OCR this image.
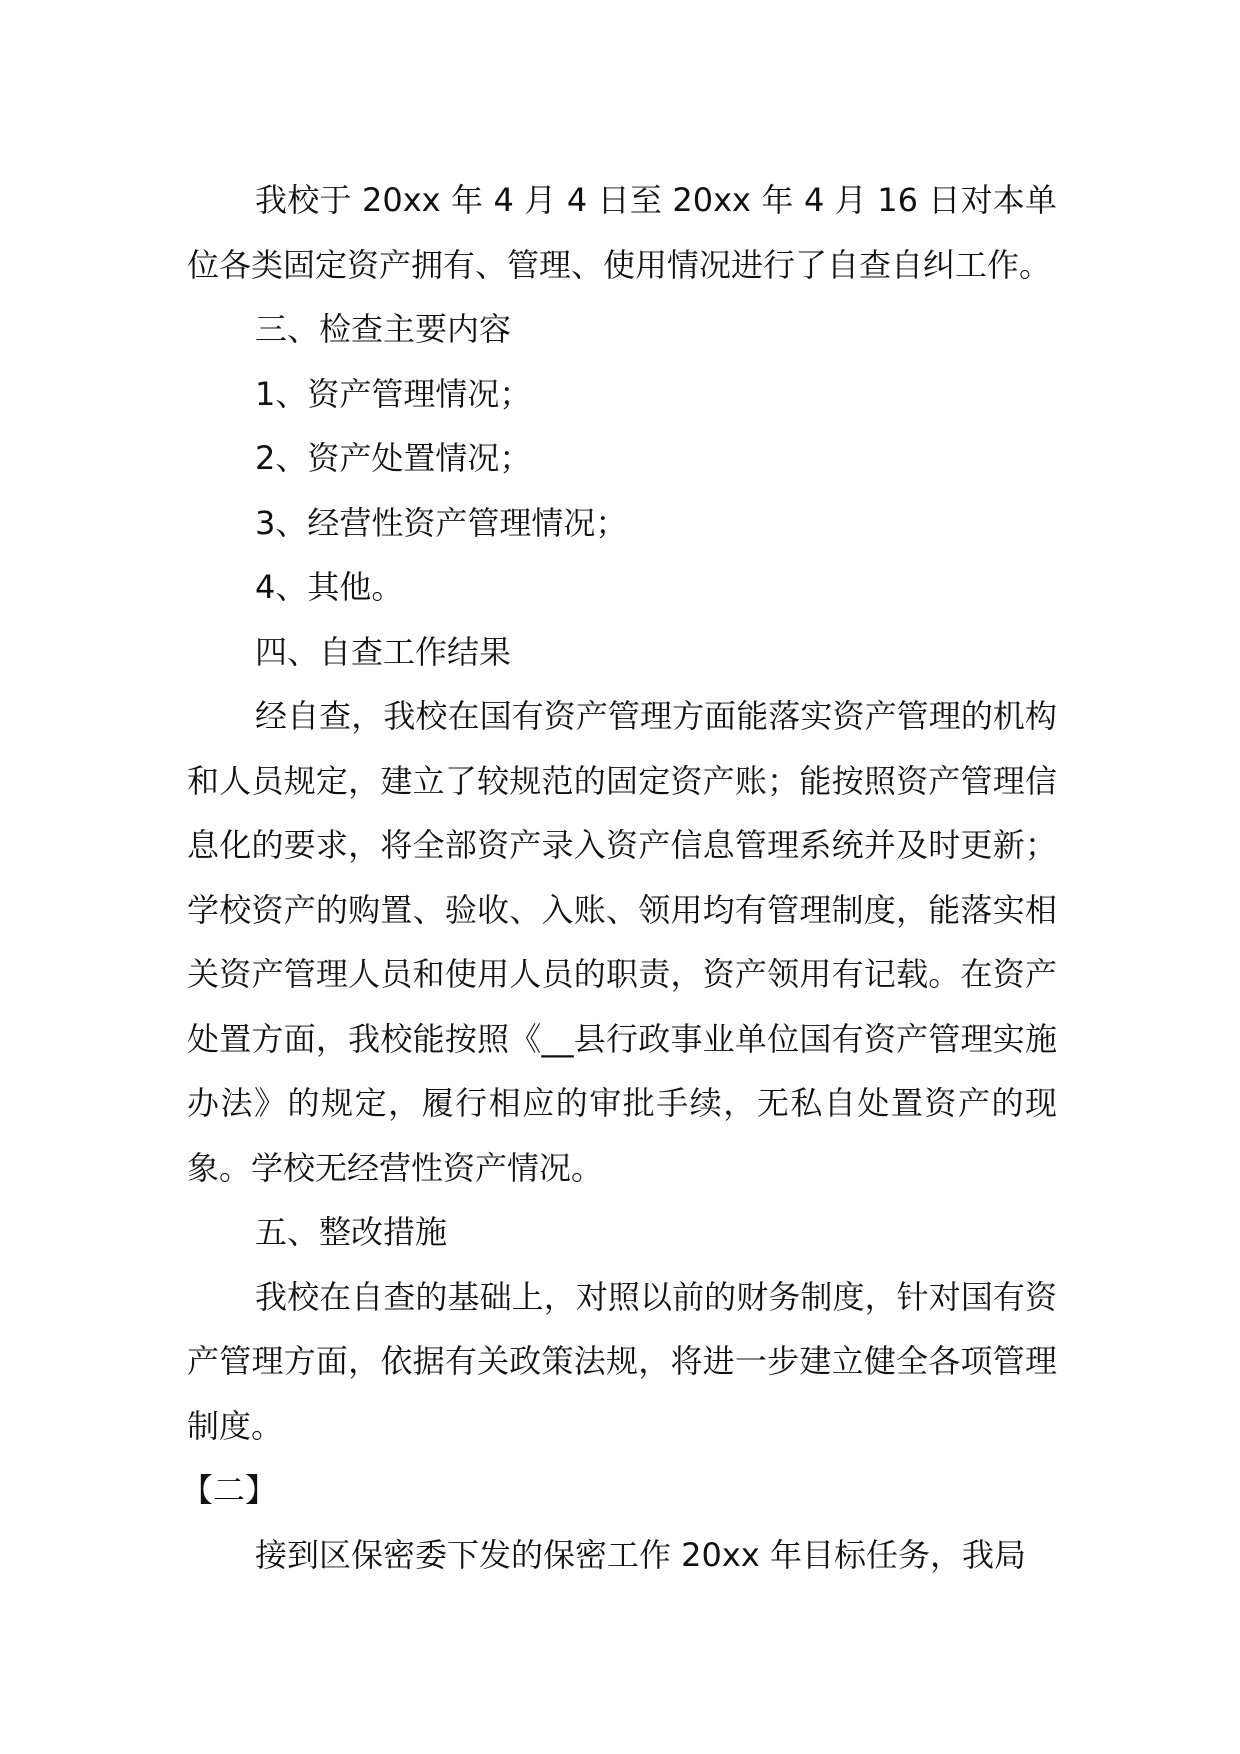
我校于 20xx 年 4 月 4 日至 20xx 年 4 月 16 日对本单位各类固定资产拥有、管理、使用情况进行了自查自纠工作。

三、检查主要内容

1、资产管理情况；

2、资产处置情况；

3、经营性资产管理情况；

4、其他。

四、自查工作结果

经自查，我校在国有资产管理方面能落实资产管理的机构和人员规定，建立了较规范的固定资产账；能按照资产管理信息化的要求，将全部资产录入资产信息管理系统并及时更新；学校资产的购置、验收、入账、领用均有管理制度，能落实相关资产管理人员和使用人员的职责，资产领用有记载。在资产处置方面，我校能按照《__县行政事业单位国有资产管理实施办法》的规定，履行相应的审批手续，无私自处置资产的现象。学校无经营性资产情况。

五、整改措施

我校在自查的基础上，对照以前的财务制度，针对国有资产管理方面，依据有关政策法规，将进一步建立健全各项管理制度。

【二】

接到区保密委下发的保密工作 20xx 年目标任务，我局
